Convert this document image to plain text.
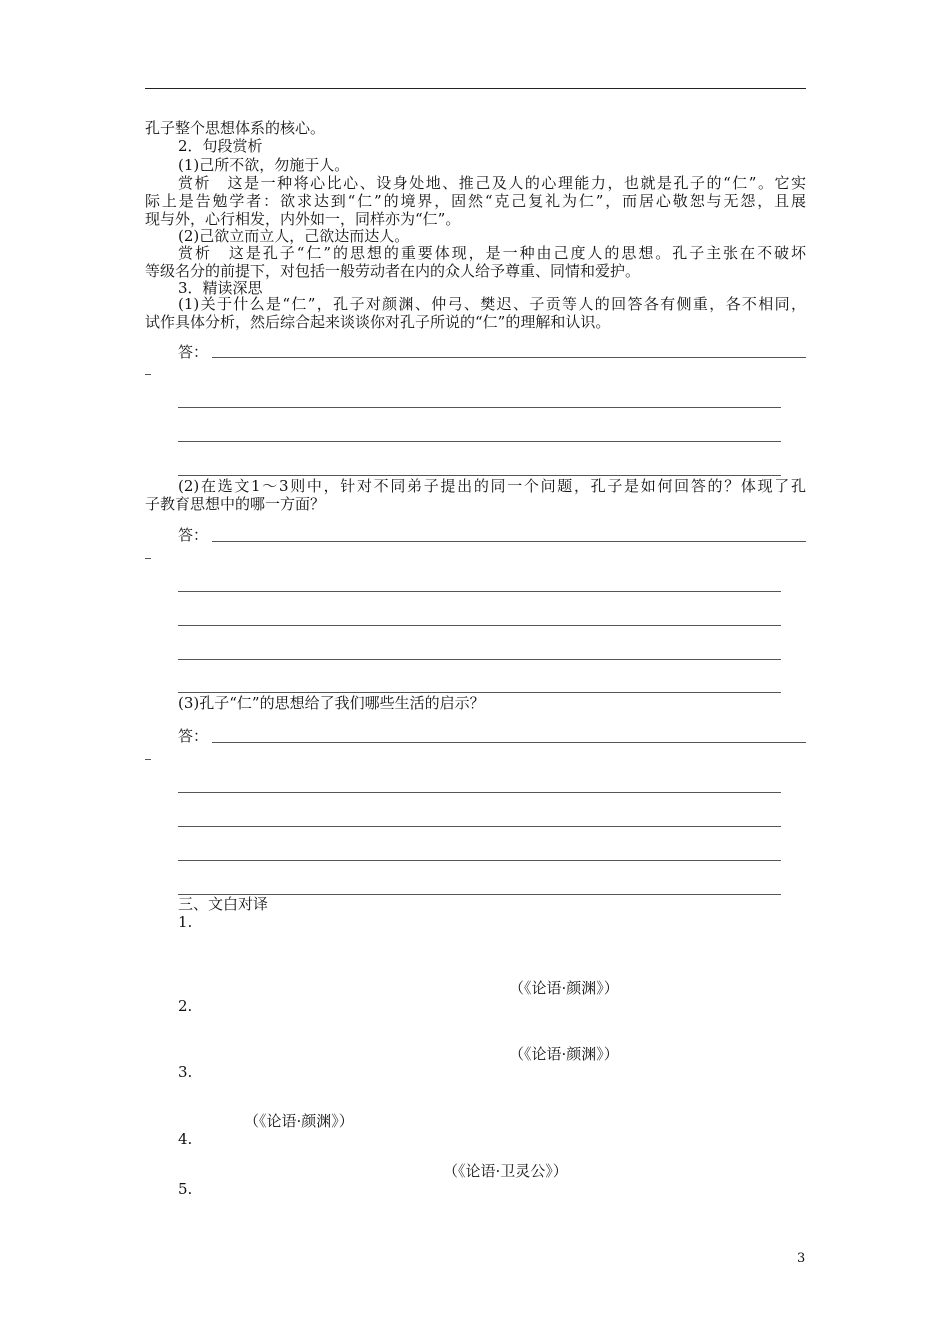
孔子整个思想体系的核心。
2．句段赏析
(1)己所不欲，勿施于人。
赏析　这是一种将心比心、设身处地、推己及人的心理能力，也就是孔子的“仁”。它实
际上是告勉学者：欲求达到“仁”的境界，固然“克己复礼为仁”，而居心敬恕与无怨，且展
现与外，心行相发，内外如一，同样亦为“仁”。
(2)己欲立而立人，己欲达而达人。
赏析　这是孔子“仁”的思想的重要体现，是一种由己度人的思想。孔子主张在不破坏
等级名分的前提下，对包括一般劳动者在内的众人给予尊重、同情和爱护。
3．精读深思
(1)关于什么是“仁”，孔子对颜渊、仲弓、樊迟、子贡等人的回答各有侧重，各不相同，
试作具体分析，然后综合起来谈谈你对孔子所说的“仁”的理解和认识。
答：
(2)在选文1～3则中，针对不同弟子提出的同一个问题，孔子是如何回答的？体现了孔
子教育思想中的哪一方面？
答：
(3)孔子“仁”的思想给了我们哪些生活的启示？
答：
三、文白对译
1.
（《论语·颜渊》）
2.
（《论语·颜渊》）
3.
（《论语·颜渊》）
4.
（《论语·卫灵公》）
5.
3
